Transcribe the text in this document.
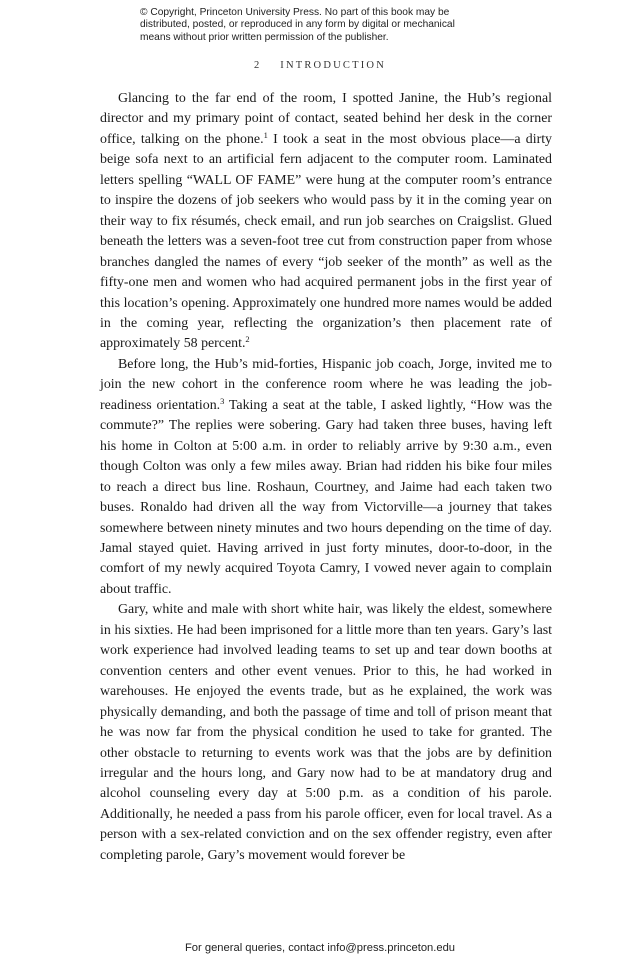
© Copyright, Princeton University Press. No part of this book may be
distributed, posted, or reproduced in any form by digital or mechanical
means without prior written permission of the publisher.
2 INTRODUCTION

Glancing to the far end of the room, I spotted Janine, the Hub’s regional director and my primary point of contact, seated behind her desk in the corner office, talking on the phone.$^1$ I took a seat in the most obvious place—a dirty beige sofa next to an artificial fern adjacent to the computer room. Laminated letters spelling “WALL OF FAME” were hung at the computer room’s entrance to inspire the dozens of job seekers who would pass by it in the coming year on their way to fix résumés, check email, and run job searches on Craigslist. Glued beneath the letters was a seven-foot tree cut from construction paper from whose branches dangled the names of every “job seeker of the month” as well as the fifty-one men and women who had acquired permanent jobs in the first year of this location’s opening. Approximately one hundred more names would be added in the coming year, reflecting the organization’s then placement rate of approximately 58 percent.$^2$

Before long, the Hub’s mid-forties, Hispanic job coach, Jorge, invited me to join the new cohort in the conference room where he was leading the job-readiness orientation.$^3$ Taking a seat at the table, I asked lightly, “How was the commute?” The replies were sobering. Gary had taken three buses, having left his home in Colton at 5:00 a.m. in order to reliably arrive by 9:30 a.m., even though Colton was only a few miles away. Brian had ridden his bike four miles to reach a direct bus line. Roshaun, Courtney, and Jaime had each taken two buses. Ronaldo had driven all the way from Victorville—a journey that takes somewhere between ninety minutes and two hours depending on the time of day. Jamal stayed quiet. Having arrived in just forty minutes, door-to-door, in the comfort of my newly acquired Toyota Camry, I vowed never again to complain about traffic.

Gary, white and male with short white hair, was likely the eldest, somewhere in his sixties. He had been imprisoned for a little more than ten years. Gary’s last work experience had involved leading teams to set up and tear down booths at convention centers and other event venues. Prior to this, he had worked in warehouses. He enjoyed the events trade, but as he explained, the work was physically demanding, and both the passage of time and toll of prison meant that he was now far from the physical condition he used to take for granted. The other obstacle to returning to events work was that the jobs are by definition irregular and the hours long, and Gary now had to be at mandatory drug and alcohol counseling every day at 5:00 p.m. as a condition of his parole. Additionally, he needed a pass from his parole officer, even for local travel. As a person with a sex-related conviction and on the sex offender registry, even after completing parole, Gary’s movement would forever be

For general queries, contact info@press.princeton.edu
